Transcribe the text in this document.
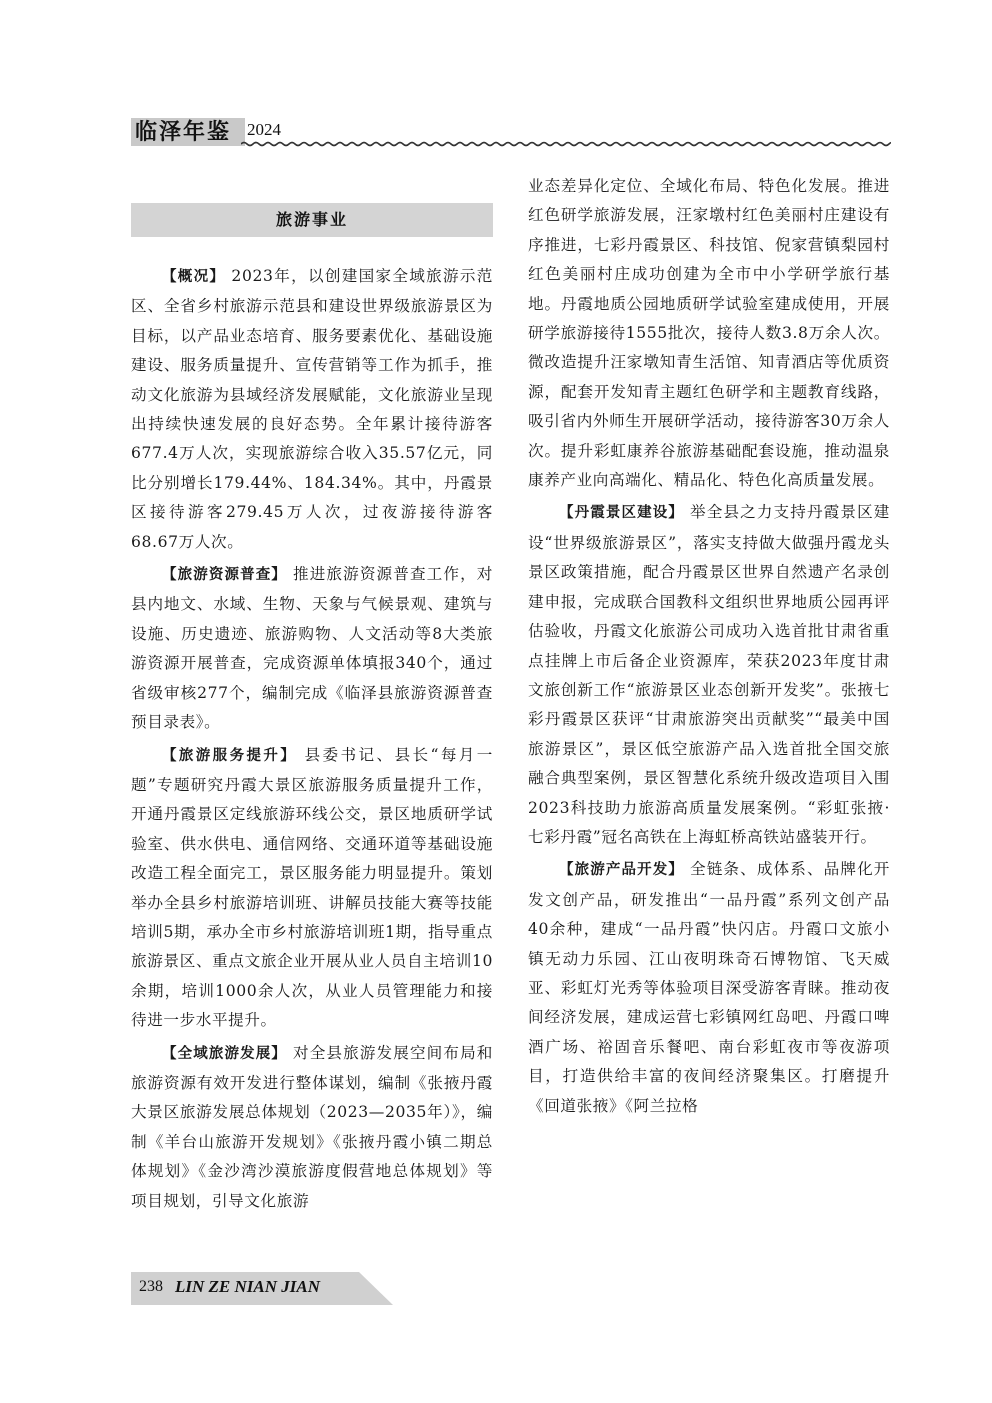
临泽年鉴 2024
旅游事业

【概况】 2023年，以创建国家全域旅游示范区、全省乡村旅游示范县和建设世界级旅游景区为目标，以产品业态培育、服务要素优化、基础设施建设、服务质量提升、宣传营销等工作为抓手，推动文化旅游为县域经济发展赋能，文化旅游业呈现出持续快速发展的良好态势。全年累计接待游客677.4万人次，实现旅游综合收入35.57亿元，同比分别增长179.44%、184.34%。其中，丹霞景区接待游客279.45万人次，过夜游接待游客68.67万人次。

【旅游资源普查】 推进旅游资源普查工作，对县内地文、水域、生物、天象与气候景观、建筑与设施、历史遗迹、旅游购物、人文活动等8大类旅游资源开展普查，完成资源单体填报340个，通过省级审核277个，编制完成《临泽县旅游资源普查预目录表》。

【旅游服务提升】 县委书记、县长“每月一题”专题研究丹霞大景区旅游服务质量提升工作，开通丹霞景区定线旅游环线公交，景区地质研学试验室、供水供电、通信网络、交通环道等基础设施改造工程全面完工，景区服务能力明显提升。策划举办全县乡村旅游培训班、讲解员技能大赛等技能培训5期，承办全市乡村旅游培训班1期，指导重点旅游景区、重点文旅企业开展从业人员自主培训10余期，培训1000余人次，从业人员管理能力和接待进一步水平提升。

【全域旅游发展】 对全县旅游发展空间布局和旅游资源有效开发进行整体谋划，编制《张掖丹霞大景区旅游发展总体规划（2023—2035年）》，编制《羊台山旅游开发规划》《张掖丹霞小镇二期总体规划》《金沙湾沙漠旅游度假营地总体规划》等项目规划，引导文化旅游

业态差异化定位、全域化布局、特色化发展。推进红色研学旅游发展，汪家墩村红色美丽村庄建设有序推进，七彩丹霞景区、科技馆、倪家营镇梨园村红色美丽村庄成功创建为全市中小学研学旅行基地。丹霞地质公园地质研学试验室建成使用，开展研学旅游接待1555批次，接待人数3.8万余人次。微改造提升汪家墩知青生活馆、知青酒店等优质资源，配套开发知青主题红色研学和主题教育线路，吸引省内外师生开展研学活动，接待游客30万余人次。提升彩虹康养谷旅游基础配套设施，推动温泉康养产业向高端化、精品化、特色化高质量发展。

【丹霞景区建设】 举全县之力支持丹霞景区建设“世界级旅游景区”，落实支持做大做强丹霞龙头景区政策措施，配合丹霞景区世界自然遗产名录创建申报，完成联合国教科文组织世界地质公园再评估验收，丹霞文化旅游公司成功入选首批甘肃省重点挂牌上市后备企业资源库，荣获2023年度甘肃文旅创新工作“旅游景区业态创新开发奖”。张掖七彩丹霞景区获评“甘肃旅游突出贡献奖”“最美中国旅游景区”，景区低空旅游产品入选首批全国交旅融合典型案例，景区智慧化系统升级改造项目入围2023科技助力旅游高质量发展案例。“彩虹张掖·七彩丹霞”冠名高铁在上海虹桥高铁站盛装开行。

【旅游产品开发】 全链条、成体系、品牌化开发文创产品，研发推出“一品丹霞”系列文创产品40余种，建成“一品丹霞”快闪店。丹霞口文旅小镇无动力乐园、江山夜明珠奇石博物馆、飞天威亚、彩虹灯光秀等体验项目深受游客青睐。推动夜间经济发展，建成运营七彩镇网红岛吧、丹霞口啤酒广场、裕固音乐餐吧、南台彩虹夜市等夜游项目，打造供给丰富的夜间经济聚集区。打磨提升《回道张掖》《阿兰拉格

238 LIN ZE NIAN JIAN
